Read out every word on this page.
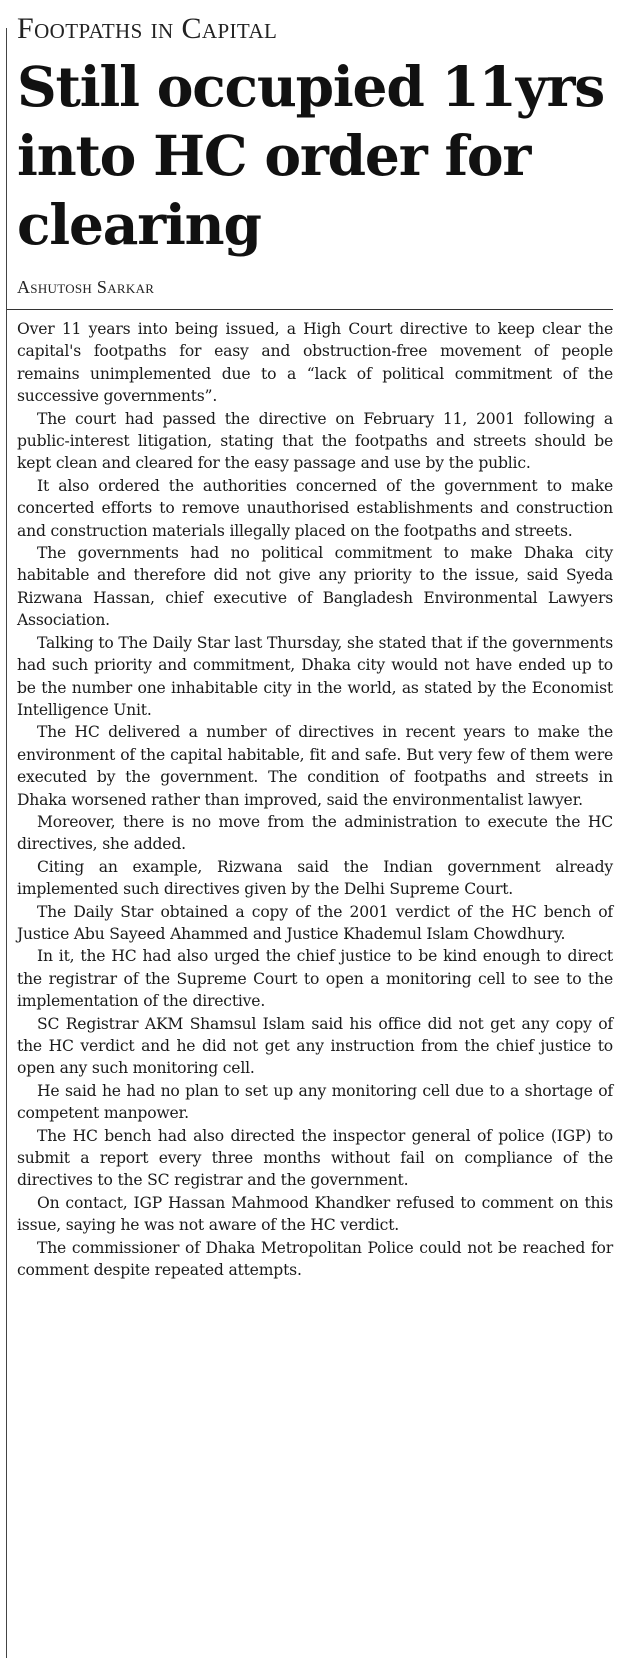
Footpaths in Capital
Still occupied 11yrs into HC order for clearing
Ashutosh Sarkar

Over 11 years into being issued, a High Court directive to keep clear the capital's footpaths for easy and obstruction-free movement of people remains unimplemented due to a “lack of political commitment of the successive governments”.

The court had passed the directive on February 11, 2001 following a public-interest litigation, stating that the footpaths and streets should be kept clean and cleared for the easy passage and use by the public.

It also ordered the authorities concerned of the government to make concerted efforts to remove unauthorised establishments and construction and construction materials illegally placed on the footpaths and streets.

The governments had no political commitment to make Dhaka city habitable and therefore did not give any priority to the issue, said Syeda Rizwana Hassan, chief executive of Bangladesh Environmental Lawyers Association.

Talking to The Daily Star last Thursday, she stated that if the governments had such priority and commitment, Dhaka city would not have ended up to be the number one inhabitable city in the world, as stated by the Economist Intelligence Unit.

The HC delivered a number of directives in recent years to make the environment of the capital habitable, fit and safe. But very few of them were executed by the government. The condition of footpaths and streets in Dhaka worsened rather than improved, said the environmentalist lawyer.

Moreover, there is no move from the administration to execute the HC directives, she added.

Citing an example, Rizwana said the Indian government already implemented such directives given by the Delhi Supreme Court.

The Daily Star obtained a copy of the 2001 verdict of the HC bench of Justice Abu Sayeed Ahammed and Justice Khademul Islam Chowdhury.

In it, the HC had also urged the chief justice to be kind enough to direct the registrar of the Supreme Court to open a monitoring cell to see to the implementation of the directive.

SC Registrar AKM Shamsul Islam said his office did not get any copy of the HC verdict and he did not get any instruction from the chief justice to open any such monitoring cell.

He said he had no plan to set up any monitoring cell due to a shortage of competent manpower.

The HC bench had also directed the inspector general of police (IGP) to submit a report every three months without fail on compliance of the directives to the SC registrar and the government.

On contact, IGP Hassan Mahmood Khandker refused to comment on this issue, saying he was not aware of the HC verdict.

The commissioner of Dhaka Metropolitan Police could not be reached for comment despite repeated attempts.
